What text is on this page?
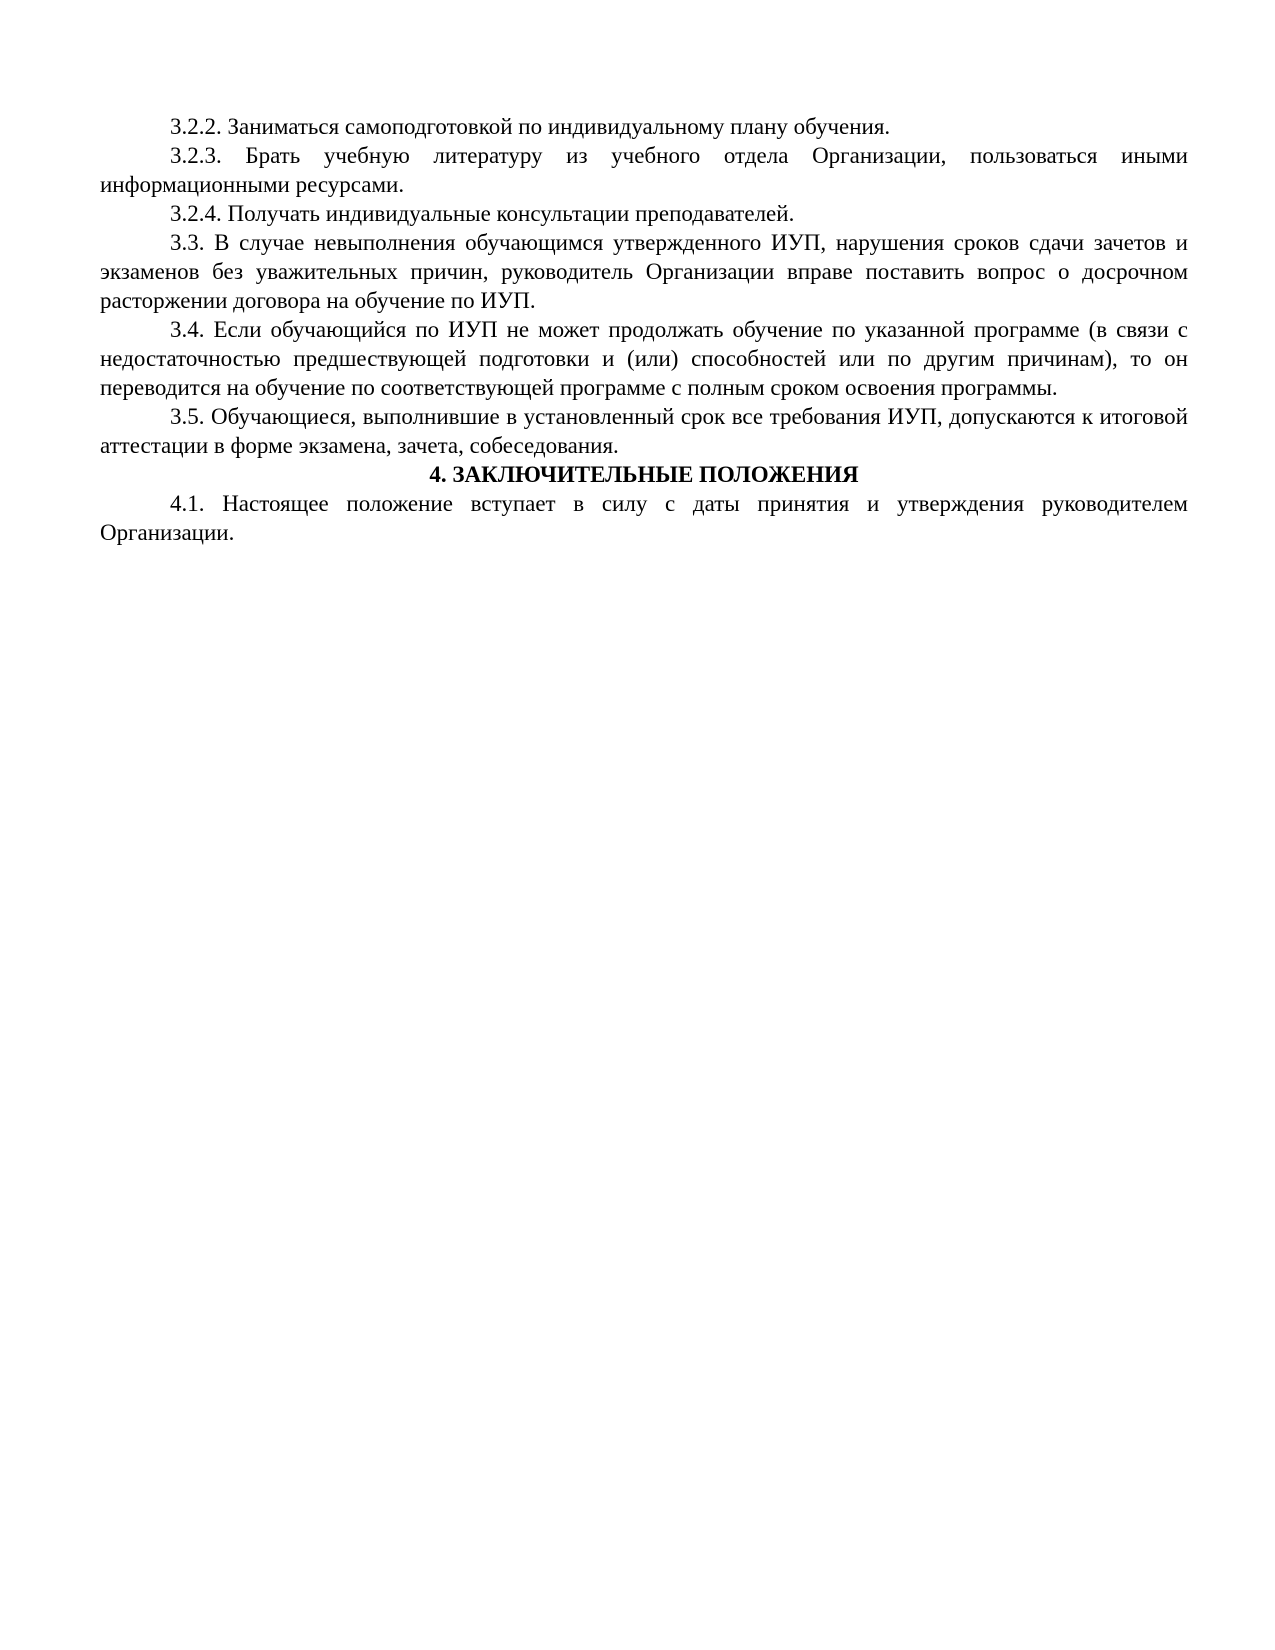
3.2.2. Заниматься самоподготовкой по индивидуальному плану обучения.

3.2.3. Брать учебную литературу из учебного отдела Организации, пользоваться иными информационными ресурсами.

3.2.4. Получать индивидуальные консультации преподавателей.

3.3. В случае невыполнения обучающимся утвержденного ИУП, нарушения сроков сдачи зачетов и экзаменов без уважительных причин, руководитель Организации вправе поставить вопрос о досрочном расторжении договора на обучение по ИУП.

3.4. Если обучающийся по ИУП не может продолжать обучение по указанной программе (в связи с недостаточностью предшествующей подготовки и (или) способностей или по другим причинам), то он переводится на обучение по соответствующей программе с полным сроком освоения программы.

3.5. Обучающиеся, выполнившие в установленный срок все требования ИУП, допускаются к итоговой аттестации в форме экзамена, зачета, собеседования.

4. ЗАКЛЮЧИТЕЛЬНЫЕ ПОЛОЖЕНИЯ

4.1. Настоящее положение вступает в силу с даты принятия и утверждения руководителем Организации.
